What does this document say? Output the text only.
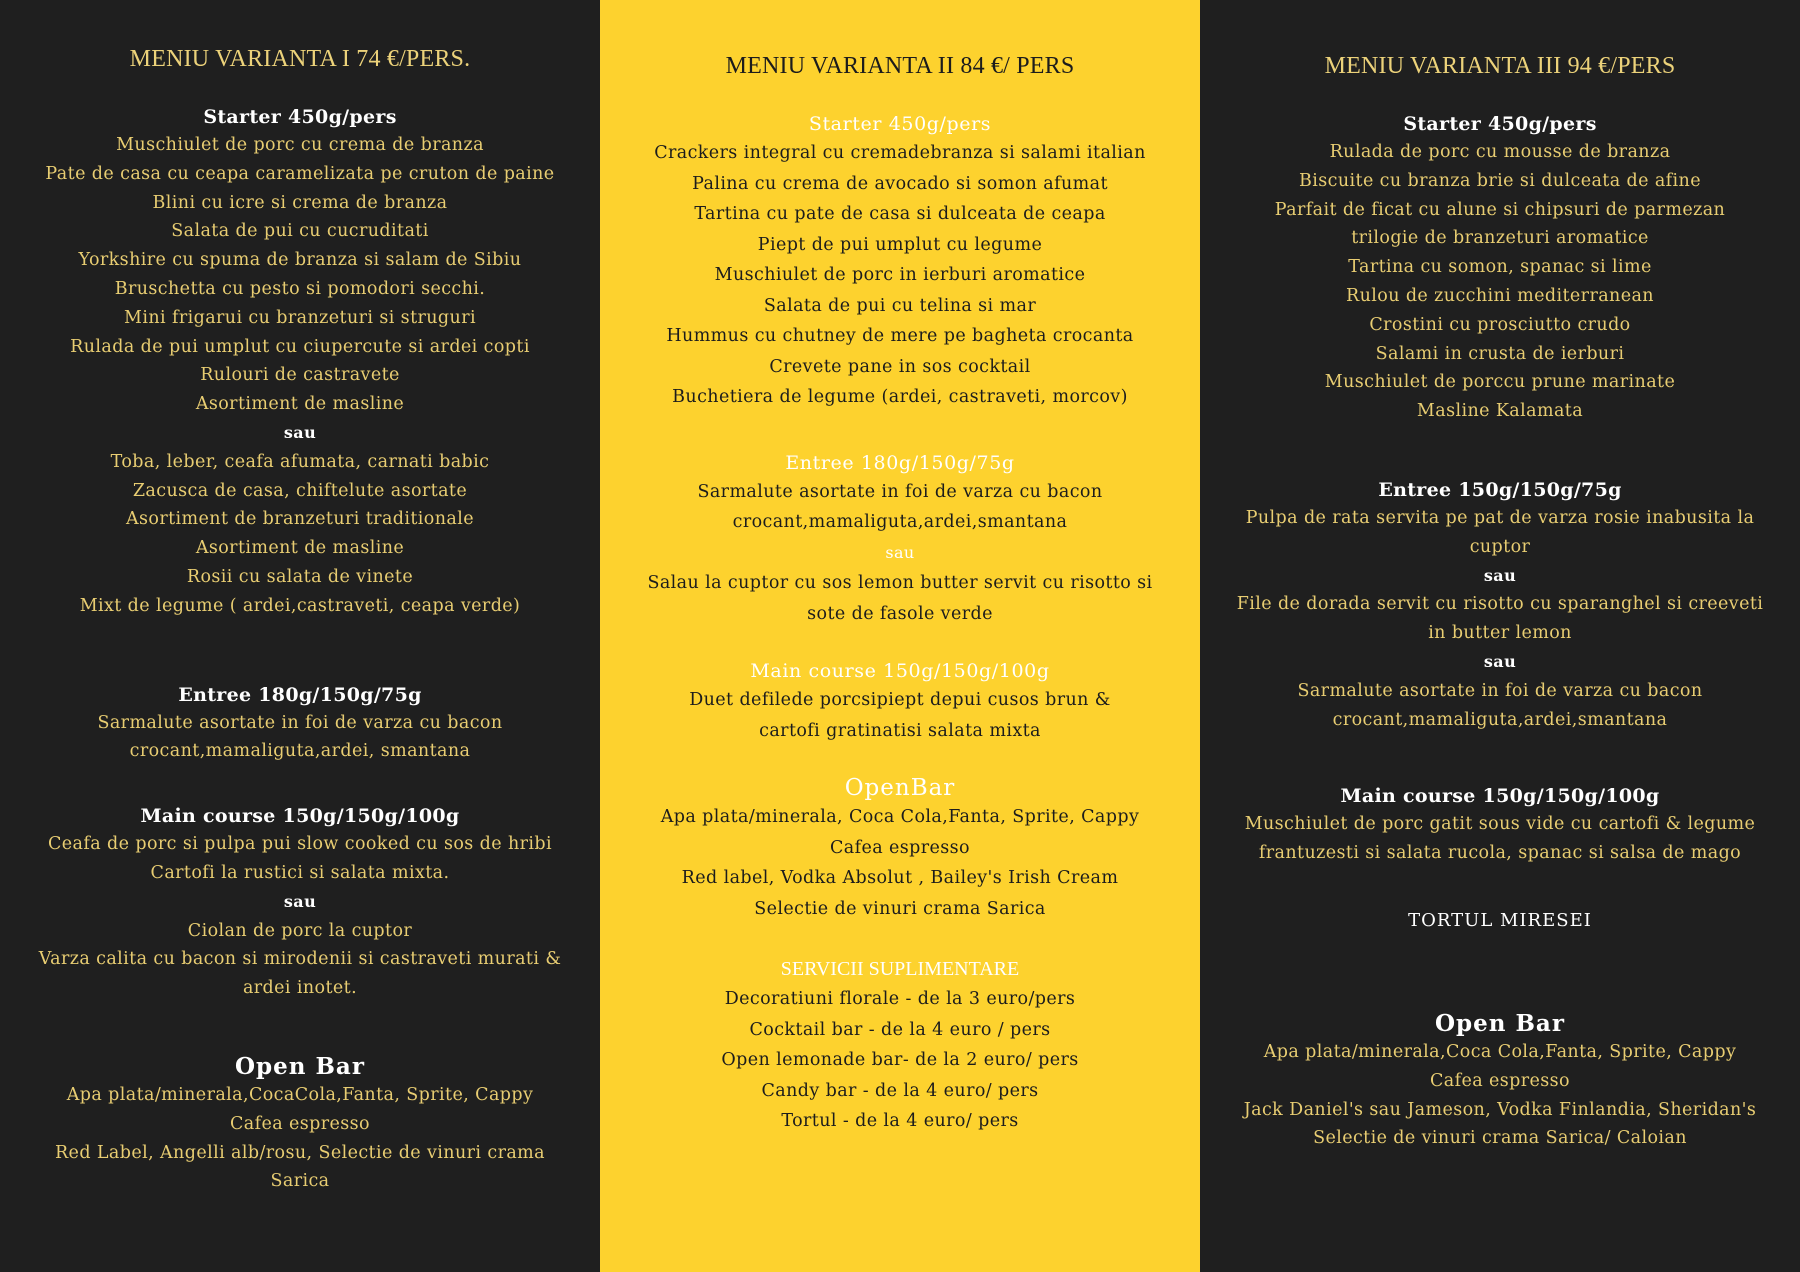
MENIU VARIANTA I 74 €/PERS.
Starter 450g/pers
Muschiulet de porc cu crema de branza
Pate de casa cu ceapa caramelizata pe cruton de paine
Blini cu icre si crema de branza
Salata de pui cu cucruditati
Yorkshire cu spuma de branza si salam de Sibiu
Bruschetta cu pesto si pomodori secchi.
Mini frigarui cu branzeturi si struguri
Rulada de pui umplut cu ciupercute si ardei copti
Rulouri de castravete
Asortiment de masline
sau
Toba, leber, ceafa afumata, carnati babic
Zacusca de casa, chiftelute asortate
Asortiment de branzeturi traditionale
Asortiment de masline
Rosii cu salata de vinete
Mixt de legume ( ardei,castraveti, ceapa verde)
Entree 180g/150g/75g
Sarmalute asortate in foi de varza cu bacon
crocant,mamaliguta,ardei, smantana
Main course 150g/150g/100g
Ceafa de porc si pulpa pui slow cooked cu sos de hribi
Cartofi la rustici si salata mixta.
sau
Ciolan de porc la cuptor
Varza calita cu bacon si mirodenii si castraveti murati &
ardei inotet.
Open Bar
Apa plata/minerala,CocaCola,Fanta, Sprite, Cappy
Cafea espresso
Red Label, Angelli alb/rosu, Selectie de vinuri crama
Sarica
MENIU VARIANTA II 84 €/ PERS
Starter 450g/pers
Crackers integral cu cremadebranza si salami italian
Palina cu crema de avocado si somon afumat
Tartina cu pate de casa si dulceata de ceapa
Piept de pui umplut cu legume
Muschiulet de porc in ierburi aromatice
Salata de pui cu telina si mar
Hummus cu chutney de mere pe bagheta crocanta
Crevete pane in sos cocktail
Buchetiera de legume (ardei, castraveti, morcov)
Entree 180g/150g/75g
Sarmalute asortate in foi de varza cu bacon
crocant,mamaliguta,ardei,smantana
sau
Salau la cuptor cu sos lemon butter servit cu risotto si
sote de fasole verde
Main course 150g/150g/100g
Duet defilede porcsipiept depui cusos brun &
cartofi gratinatisi salata mixta
OpenBar
Apa plata/minerala, Coca Cola,Fanta, Sprite, Cappy
Cafea espresso
Red label, Vodka Absolut , Bailey's Irish Cream
Selectie de vinuri crama Sarica
SERVICII SUPLIMENTARE
Decoratiuni florale - de la 3 euro/pers
Cocktail bar - de la 4 euro / pers
Open lemonade bar- de la 2 euro/ pers
Candy bar - de la 4 euro/ pers
Tortul - de la 4 euro/ pers
MENIU VARIANTA III 94 €/PERS
Starter 450g/pers
Rulada de porc cu mousse de branza
Biscuite cu branza brie si dulceata de afine
Parfait de ficat cu alune si chipsuri de parmezan
trilogie de branzeturi aromatice
Tartina cu somon, spanac si lime
Rulou de zucchini mediterranean
Crostini cu prosciutto crudo
Salami in crusta de ierburi
Muschiulet de porccu prune marinate
Masline Kalamata
Entree 150g/150g/75g
Pulpa de rata servita pe pat de varza rosie inabusita la
cuptor
sau
File de dorada servit cu risotto cu sparanghel si creeveti
in butter lemon
sau
Sarmalute asortate in foi de varza cu bacon
crocant,mamaliguta,ardei,smantana
Main course 150g/150g/100g
Muschiulet de porc gatit sous vide cu cartofi & legume
frantuzesti si salata rucola, spanac si salsa de mago
TORTUL MIRESEI
Open Bar
Apa plata/minerala,Coca Cola,Fanta, Sprite, Cappy
Cafea espresso
Jack Daniel's sau Jameson, Vodka Finlandia, Sheridan's
Selectie de vinuri crama Sarica/ Caloian
